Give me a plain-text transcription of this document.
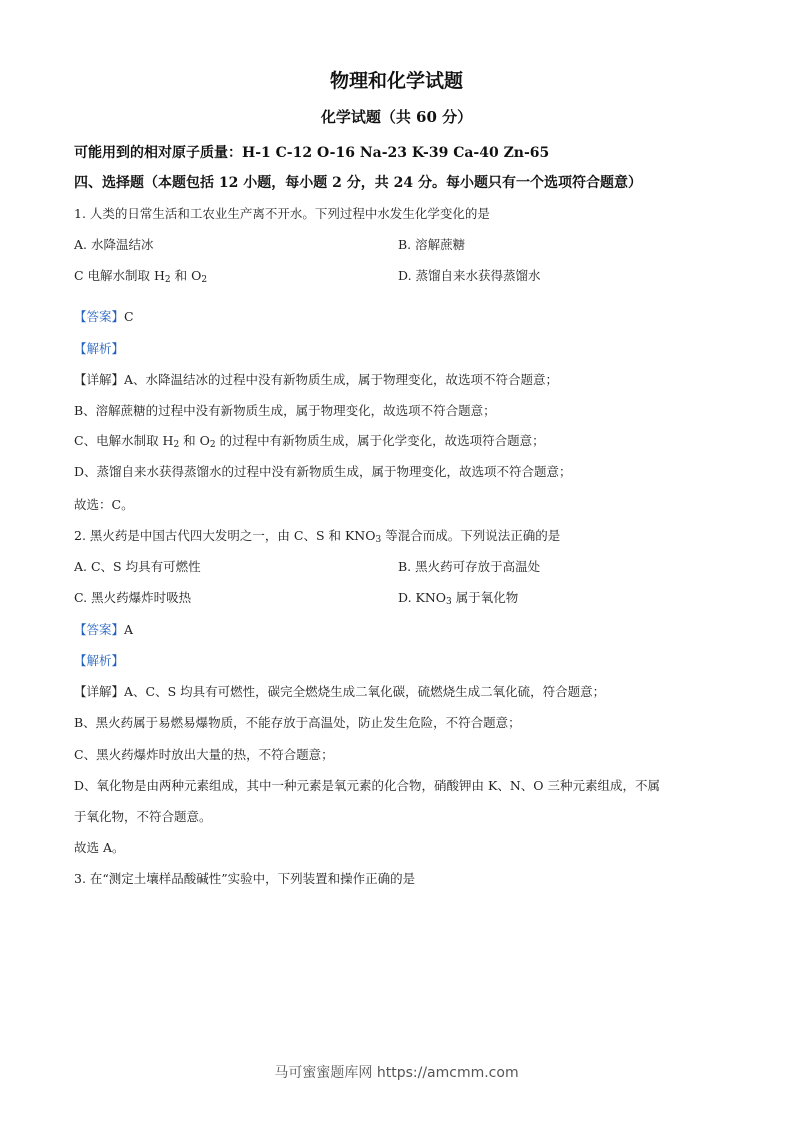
物理和化学试题
化学试题（共 60 分）
可能用到的相对原子质量：H-1 C-12 O-16 Na-23 K-39 Ca-40 Zn-65
四、选择题（本题包括 12 小题，每小题 2 分，共 24 分。每小题只有一个选项符合题意）
1. 人类的日常生活和工农业生产离不开水。下列过程中水发生化学变化的是
A. 水降温结冰	B. 溶解蔗糖
C 电解水制取 $H_2$ 和 $O_2$	D. 蒸馏自来水获得蒸馏水
【答案】C
【解析】
【详解】A、水降温结冰的过程中没有新物质生成，属于物理变化，故选项不符合题意；
B、溶解蔗糖的过程中没有新物质生成，属于物理变化，故选项不符合题意；
C、电解水制取 $H_2$ 和 $O_2$ 的过程中有新物质生成，属于化学变化，故选项符合题意；
D、蒸馏自来水获得蒸馏水的过程中没有新物质生成，属于物理变化，故选项不符合题意；
故选：C。
2. 黑火药是中国古代四大发明之一，由 C、S 和 $KNO_3$ 等混合而成。下列说法正确的是
A. C、S 均具有可燃性	B. 黑火药可存放于高温处
C. 黑火药爆炸时吸热	D. $KNO_3$ 属于氧化物
【答案】A
【解析】
【详解】A、C、S 均具有可燃性，碳完全燃烧生成二氧化碳，硫燃烧生成二氧化硫，符合题意；
B、黑火药属于易燃易爆物质，不能存放于高温处，防止发生危险，不符合题意；
C、黑火药爆炸时放出大量的热，不符合题意；
D、氧化物是由两种元素组成，其中一种元素是氧元素的化合物，硝酸钾由 K、N、O 三种元素组成，不属
于氧化物，不符合题意。
故选 A。
3. 在“测定土壤样品酸碱性”实验中，下列装置和操作正确的是
马可蜜蜜题库网 https://amcmm.com
